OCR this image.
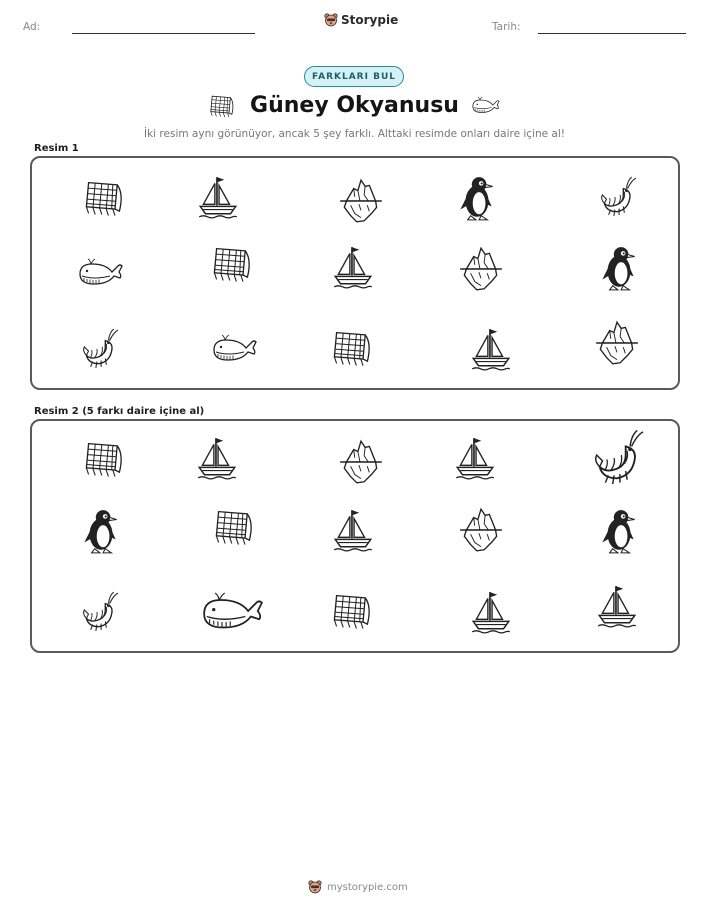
Ad:	Storypie	Tarih:
FARKLARI BUL
Güney Okyanusu
İki resim aynı görünüyor, ancak 5 şey farklı. Alttaki resimde onları daire içine al!
Resim 1
Resim 2 (5 farkı daire içine al)
mystorypie.com
